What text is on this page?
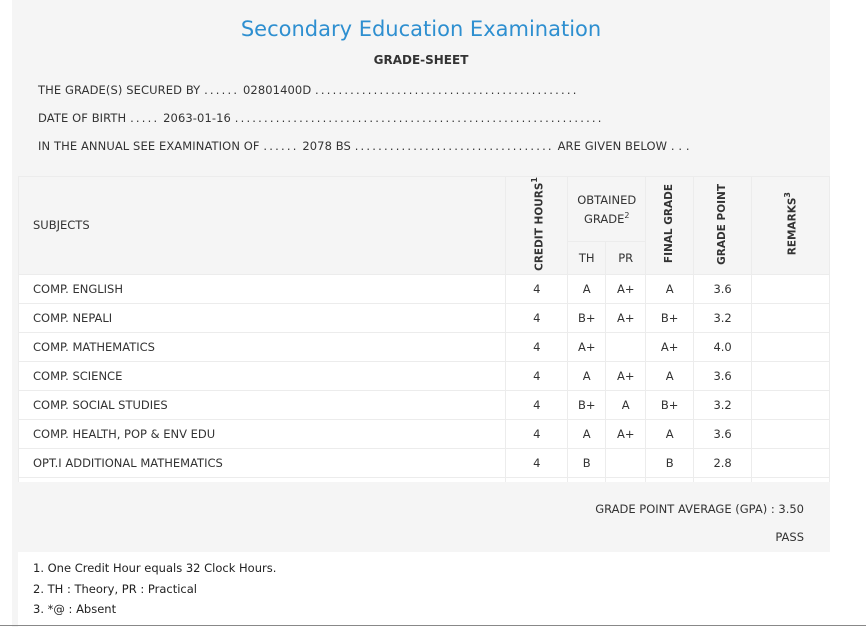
Secondary Education Examination
GRADE-SHEET
THE GRADE(S) SECURED BY ...... 02801400D .............................................
DATE OF BIRTH ..... 2063-01-16 ...............................................................
IN THE ANNUAL SEE EXAMINATION OF ...... 2078 BS .................................. ARE GIVEN BELOW . . .
SUBJECTS	CREDIT HOURS$^1$	OBTAINED GRADE$^2$		FINAL GRADE	GRADE POINT	REMARKS$^3$
		TH	PR			
COMP. ENGLISH	4	A	A+	A	3.6	
COMP. NEPALI	4	B+	A+	B+	3.2	
COMP. MATHEMATICS	4	A+		A+	4.0	
COMP. SCIENCE	4	A	A+	A	3.6	
COMP. SOCIAL STUDIES	4	B+	A	B+	3.2	
COMP. HEALTH, POP & ENV EDU	4	A	A+	A	3.6	
OPT.I ADDITIONAL MATHEMATICS	4	B		B	2.8	

GRADE POINT AVERAGE (GPA) : 3.50
PASS
1. One Credit Hour equals 32 Clock Hours.
2. TH : Theory, PR : Practical
3. *@ : Absent
